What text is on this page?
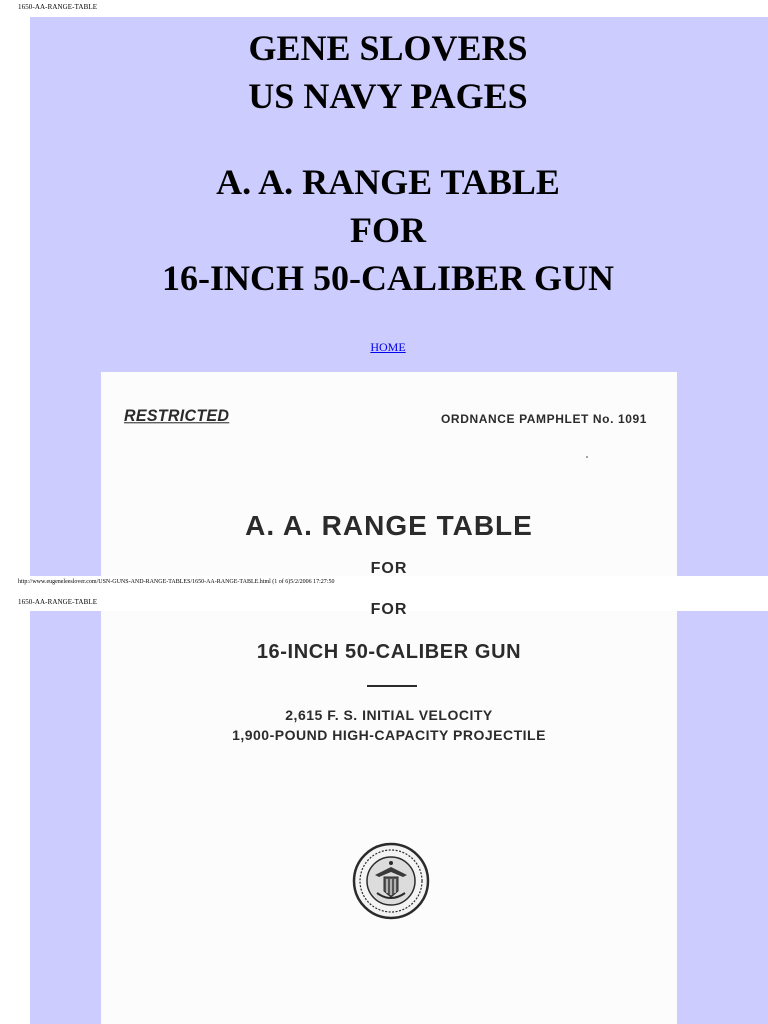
1650-AA-RANGE-TABLE
GENE SLOVERS
US NAVY PAGES
A. A. RANGE TABLE
FOR
16-INCH 50-CALIBER GUN
HOME
RESTRICTED	ORDNANCE PAMPHLET No. 1091
A. A. RANGE TABLE
FOR
http://www.eugeneleeslover.com/USN-GUNS-AND-RANGE-TABLES/1650-AA-RANGE-TABLE.html (1 of 6)5/2/2006 17:27:50
1650-AA-RANGE-TABLE	FOR
16-INCH 50-CALIBER GUN
2,615 F. S. INITIAL VELOCITY
1,900-POUND HIGH-CAPACITY PROJECTILE
